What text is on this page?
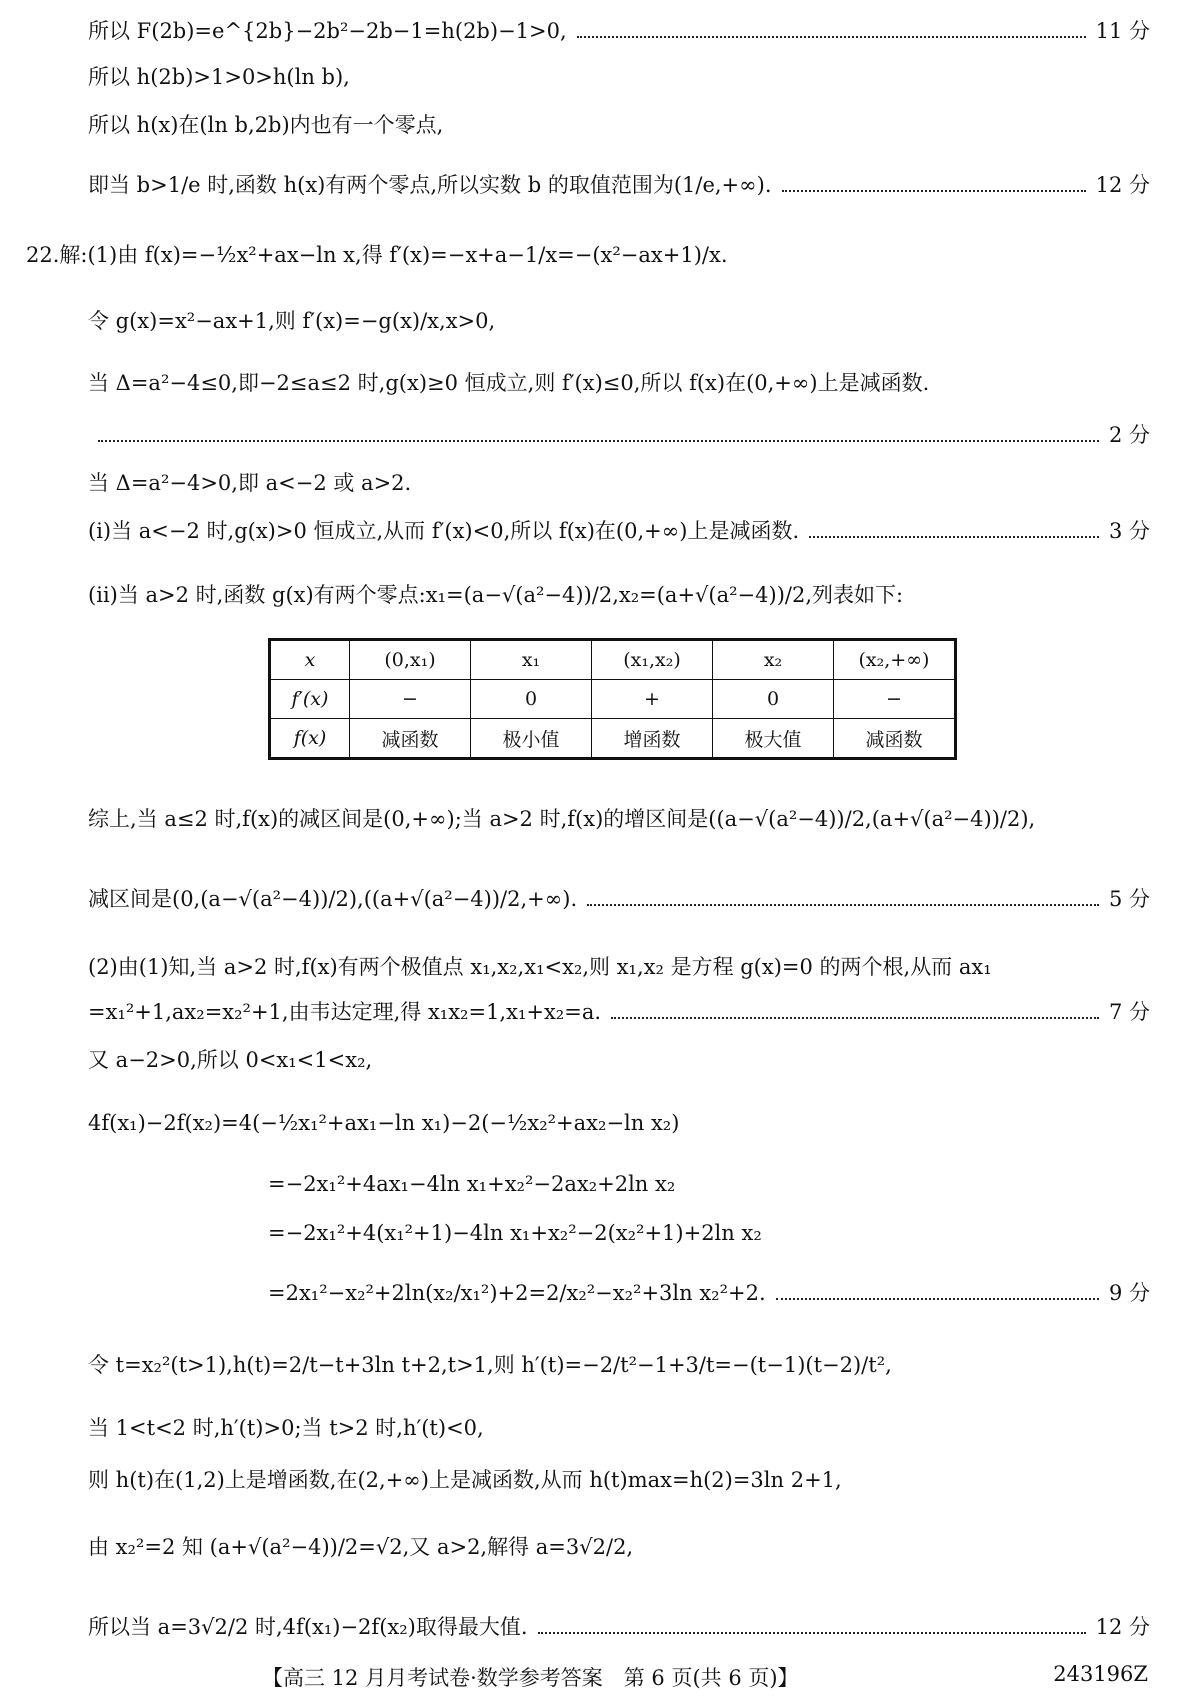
所以 F(2b)=e^{2b}−2b²−2b−1=h(2b)−1>0,	11 分
所以 h(2b)>1>0>h(ln b),
所以 h(x)在(ln b,2b)内也有一个零点,
即当 b>1/e 时,函数 h(x)有两个零点,所以实数 b 的取值范围为(1/e,+∞).	12 分
22.解:(1)由 f(x)=−½x²+ax−ln x,得 f′(x)=−x+a−1/x=−(x²−ax+1)/x.
令 g(x)=x²−ax+1,则 f′(x)=−g(x)/x,x>0,
当 Δ=a²−4≤0,即−2≤a≤2 时,g(x)≥0 恒成立,则 f′(x)≤0,所以 f(x)在(0,+∞)上是减函数.
2 分
当 Δ=a²−4>0,即 a<−2 或 a>2.
(ⅰ)当 a<−2 时,g(x)>0 恒成立,从而 f′(x)<0,所以 f(x)在(0,+∞)上是减函数.	3 分
(ⅱ)当 a>2 时,函数 g(x)有两个零点:x₁=(a−√(a²−4))/2,x₂=(a+√(a²−4))/2,列表如下:
x	(0,x₁)	x₁	(x₁,x₂)	x₂	(x₂,+∞)
f′(x)	−	0	+	0	−
f(x)	减函数	极小值	增函数	极大值	减函数
综上,当 a≤2 时,f(x)的减区间是(0,+∞);当 a>2 时,f(x)的增区间是((a−√(a²−4))/2,(a+√(a²−4))/2),
减区间是(0,(a−√(a²−4))/2),((a+√(a²−4))/2,+∞).	5 分
(2)由(1)知,当 a>2 时,f(x)有两个极值点 x₁,x₂,x₁<x₂,则 x₁,x₂ 是方程 g(x)=0 的两个根,从而 ax₁
=x₁²+1,ax₂=x₂²+1,由韦达定理,得 x₁x₂=1,x₁+x₂=a.	7 分
又 a−2>0,所以 0<x₁<1<x₂,
4f(x₁)−2f(x₂)=4(−½x₁²+ax₁−ln x₁)−2(−½x₂²+ax₂−ln x₂)
=−2x₁²+4ax₁−4ln x₁+x₂²−2ax₂+2ln x₂
=−2x₁²+4(x₁²+1)−4ln x₁+x₂²−2(x₂²+1)+2ln x₂
=2x₁²−x₂²+2ln(x₂/x₁²)+2=2/x₂²−x₂²+3ln x₂²+2.	9 分
令 t=x₂²(t>1),h(t)=2/t−t+3ln t+2,t>1,则 h′(t)=−2/t²−1+3/t=−(t−1)(t−2)/t²,
当 1<t<2 时,h′(t)>0;当 t>2 时,h′(t)<0,
则 h(t)在(1,2)上是增函数,在(2,+∞)上是减函数,从而 h(t)max=h(2)=3ln 2+1,
由 x₂²=2 知 (a+√(a²−4))/2=√2,又 a>2,解得 a=3√2/2,
所以当 a=3√2/2 时,4f(x₁)−2f(x₂)取得最大值.	12 分
【高三 12 月月考试卷·数学参考答案　第 6 页(共 6 页)】	243196Z
